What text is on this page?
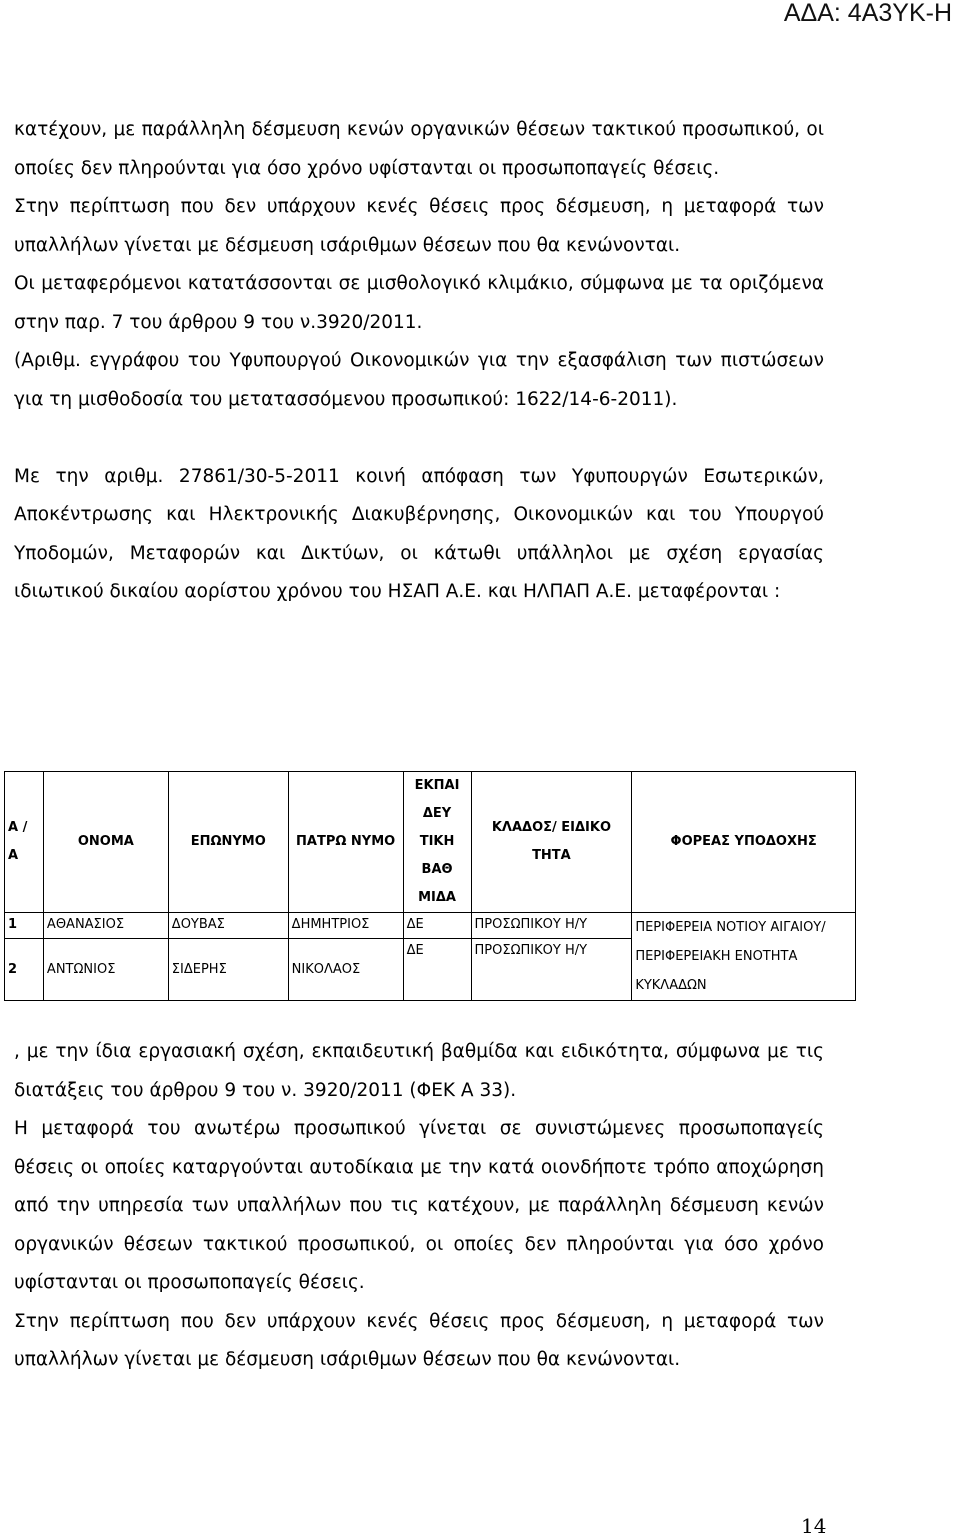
ΑΔΑ: 4Α3ΥΚ-Η

κατέχουν, με παράλληλη δέσμευση κενών οργανικών θέσεων τακτικού προσωπικού, οι οποίες δεν πληρούνται για όσο χρόνο υφίστανται οι προσωποπαγείς θέσεις.

Στην περίπτωση που δεν υπάρχουν κενές θέσεις προς δέσμευση, η μεταφορά των υπαλλήλων γίνεται με δέσμευση ισάριθμων θέσεων που θα κενώνονται.

Οι μεταφερόμενοι κατατάσσονται σε μισθολογικό κλιμάκιο, σύμφωνα με τα οριζόμενα στην παρ. 7 του άρθρου 9 του ν.3920/2011.

(Αριθμ. εγγράφου του Υφυπουργού Οικονομικών για την εξασφάλιση των πιστώσεων για τη μισθοδοσία του μετατασσόμενου προσωπικού: 1622/14-6-2011).

Με την αριθμ. 27861/30-5-2011 κοινή απόφαση των Υφυπουργών Εσωτερικών, Αποκέντρωσης και Ηλεκτρονικής Διακυβέρνησης, Οικονομικών και του Υπουργού Υποδομών, Μεταφορών και Δικτύων, οι κάτωθι υπάλληλοι με σχέση εργασίας ιδιωτικού δικαίου αορίστου χρόνου του ΗΣΑΠ Α.Ε. και ΗΛΠΑΠ Α.Ε. μεταφέρονται :

Α / Α	ΟΝΟΜΑ	ΕΠΩΝΥΜΟ	ΠΑΤΡΩ ΝΥΜΟ	ΕΚΠΑΙ ΔΕΥ ΤΙΚΗ ΒΑΘ ΜΙΔΑ	ΚΛΑΔΟΣ/ ΕΙΔΙΚΟ ΤΗΤΑ	ΦΟΡΕΑΣ ΥΠΟΔΟΧΗΣ
1	ΑΘΑΝΑΣΙΟΣ	ΔΟΥΒΑΣ	ΔΗΜΗΤΡΙΟΣ	ΔΕ	ΠΡΟΣΩΠΙΚΟΥ Η/Υ	ΠΕΡΙΦΕΡΕΙΑ ΝΟΤΙΟΥ ΑΙΓΑΙΟΥ/ΠΕΡΙΦΕΡΕΙΑΚΗ ΕΝΟΤΗΤΑ ΚΥΚΛΑΔΩΝ
2	ΑΝΤΩΝΙΟΣ	ΣΙΔΕΡΗΣ	ΝΙΚΟΛΑΟΣ	ΔΕ	ΠΡΟΣΩΠΙΚΟΥ Η/Υ	

, με την ίδια εργασιακή σχέση, εκπαιδευτική βαθμίδα και ειδικότητα, σύμφωνα με τις διατάξεις του άρθρου 9 του ν. 3920/2011 (ΦΕΚ Α 33).

Η μεταφορά του ανωτέρω προσωπικού γίνεται σε συνιστώμενες προσωποπαγείς θέσεις οι οποίες καταργούνται αυτοδίκαια με την κατά οιονδήποτε τρόπο αποχώρηση από την υπηρεσία των υπαλλήλων που τις κατέχουν, με παράλληλη δέσμευση κενών οργανικών θέσεων τακτικού προσωπικού, οι οποίες δεν πληρούνται για όσο χρόνο υφίστανται οι προσωποπαγείς θέσεις.

Στην περίπτωση που δεν υπάρχουν κενές θέσεις προς δέσμευση, η μεταφορά των υπαλλήλων γίνεται με δέσμευση ισάριθμων θέσεων που θα κενώνονται.

14
